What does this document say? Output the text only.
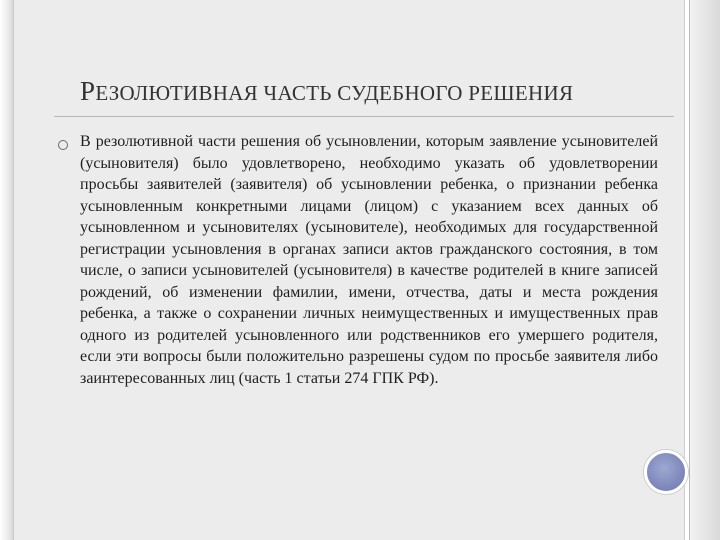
РЕЗОЛЮТИВНАЯ ЧАСТЬ СУДЕБНОГО РЕШЕНИЯ
В резолютивной части решения об усыновлении, которым заявление усыновителей (усыновителя) было удовлетворено, необходимо указать об удовлетворении просьбы заявителей (заявителя) об усыновлении ребенка, о признании ребенка усыновленным конкретными лицами (лицом) с указанием всех данных об усыновленном и усыновителях (усыновителе), необходимых для государственной регистрации усыновления в органах записи актов гражданского состояния, в том числе, о записи усыновителей (усыновителя) в качестве родителей в книге записей рождений, об изменении фамилии, имени, отчества, даты и места рождения ребенка, а также о сохранении личных неимущественных и имущественных прав одного из родителей усыновленного или родственников его умершего родителя, если эти вопросы были положительно разрешены судом по просьбе заявителя либо заинтересованных лиц (часть 1 статьи 274 ГПК РФ).
